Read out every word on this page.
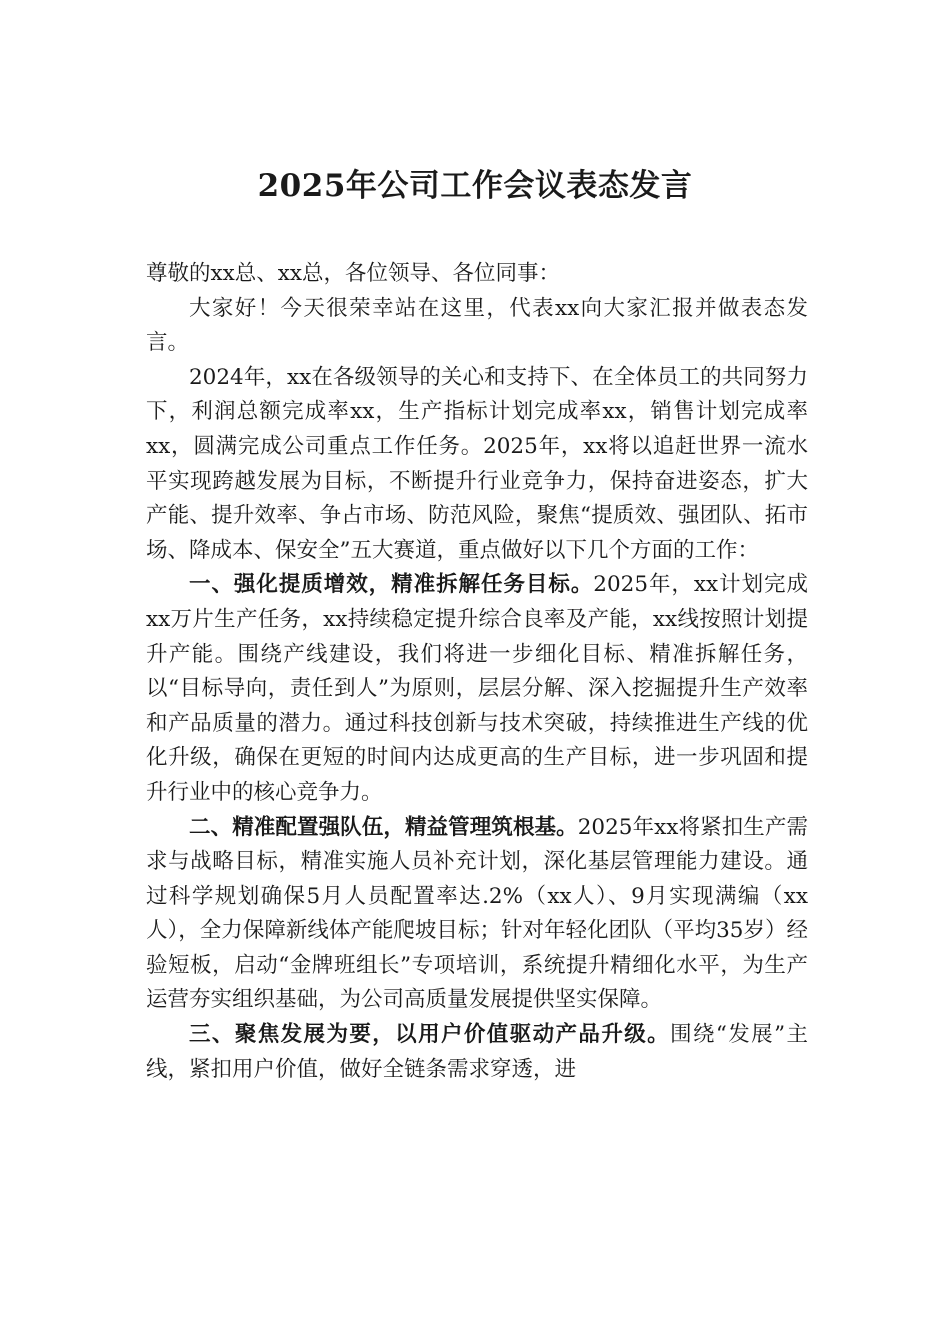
2025年公司工作会议表态发言

尊敬的xx总、xx总，各位领导、各位同事：

大家好！今天很荣幸站在这里，代表xx向大家汇报并做表态发言。

2024年，xx在各级领导的关心和支持下、在全体员工的共同努力下，利润总额完成率xx，生产指标计划完成率xx，销售计划完成率xx，圆满完成公司重点工作任务。2025年，xx将以追赶世界一流水平实现跨越发展为目标，不断提升行业竞争力，保持奋进姿态，扩大产能、提升效率、争占市场、防范风险，聚焦“提质效、强团队、拓市场、降成本、保安全”五大赛道，重点做好以下几个方面的工作：

一、强化提质增效，精准拆解任务目标。2025年，xx计划完成xx万片生产任务，xx持续稳定提升综合良率及产能，xx线按照计划提升产能。围绕产线建设，我们将进一步细化目标、精准拆解任务，以“目标导向，责任到人”为原则，层层分解、深入挖掘提升生产效率和产品质量的潜力。通过科技创新与技术突破，持续推进生产线的优化升级，确保在更短的时间内达成更高的生产目标，进一步巩固和提升行业中的核心竞争力。

二、精准配置强队伍，精益管理筑根基。2025年xx将紧扣生产需求与战略目标，精准实施人员补充计划，深化基层管理能力建设。通过科学规划确保5月人员配置率达.2%（xx人）、9月实现满编（xx人），全力保障新线体产能爬坡目标；针对年轻化团队（平均35岁）经验短板，启动“金牌班组长”专项培训，系统提升精细化水平，为生产运营夯实组织基础，为公司高质量发展提供坚实保障。

三、聚焦发展为要，以用户价值驱动产品升级。围绕“发展”主线，紧扣用户价值，做好全链条需求穿透，进
